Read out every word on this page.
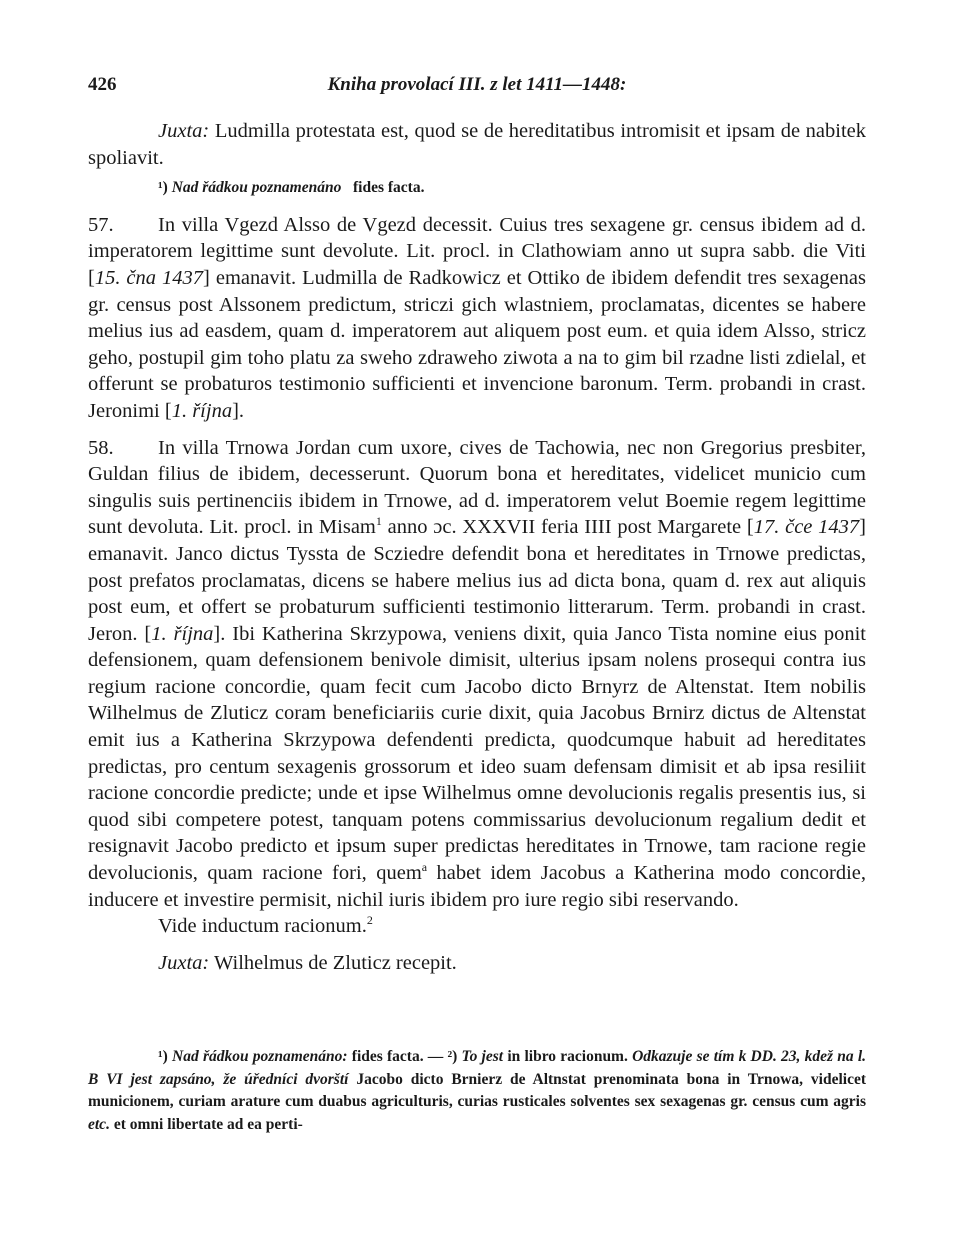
426	Kniha provolací III. z let 1411—1448:

Juxta: Ludmilla protestata est, quod se de hereditatibus intromisit et ipsam de nabitek spoliavit.

¹) Nad řádkou poznamenáno fides facta.

57. In villa Vgezd Alsso de Vgezd decessit. Cuius tres sexagene gr. census ibidem ad d. imperatorem legittime sunt devolute. Lit. procl. in Clathowiam anno ut supra sabb. die Viti [15. čna 1437] emanavit. Ludmilla de Radkowicz et Ottiko de ibidem defendit tres sexagenas gr. census post Alssonem predictum, striczi gich wlastniem, proclamatas, dicentes se habere melius ius ad easdem, quam d. imperatorem aut aliquem post eum. et quia idem Alsso, stricz geho, postupil gim toho platu za sweho zdraweho ziwota a na to gim bil rzadne listi zdielal, et offerunt se probaturos testimonio sufficienti et invencione baronum. Term. probandi in crast. Jeronimi [1. října].

58. In villa Trnowa Jordan cum uxore, cives de Tachowia, nec non Gregorius presbiter, Guldan filius de ibidem, decesserunt. Quorum bona et hereditates, videlicet municio cum singulis suis pertinenciis ibidem in Trnowe, ad d. imperatorem velut Boemie regem legittime sunt devoluta. Lit. procl. in Misam$^1$ anno ɔc. XXXVII feria IIII post Margarete [17. čce 1437] emanavit. Janco dictus Tyssta de Scziedre defendit bona et hereditates in Trnowe predictas, post prefatos proclamatas, dicens se habere melius ius ad dicta bona, quam d. rex aut aliquis post eum, et offert se probaturum sufficienti testimonio litterarum. Term. probandi in crast. Jeron. [1. října]. Ibi Katherina Skrzypowa, veniens dixit, quia Janco Tista nomine eius ponit defensionem, quam defensionem benivole dimisit, ulterius ipsam nolens prosequi contra ius regium racione concordie, quam fecit cum Jacobo dicto Brnyrz de Altenstat. Item nobilis Wilhelmus de Zluticz coram beneficiariis curie dixit, quia Jacobus Brnirz dictus de Altenstat emit ius a Katherina Skrzypowa defendenti predicta, quodcumque habuit ad hereditates predictas, pro centum sexagenis grossorum et ideo suam defensam dimisit et ab ipsa resiliit racione concordie predicte; unde et ipse Wilhelmus omne devolucionis regalis presentis ius, si quod sibi competere potest, tanquam potens commissarius devolucionum regalium dedit et resignavit Jacobo predicto et ipsum super predictas hereditates in Trnowe, tam racione regie devolucionis, quam racione fori, quem$^a$ habet idem Jacobus a Katherina modo concordie, inducere et investire permisit, nichil iuris ibidem pro iure regio sibi reservando.

Vide inductum racionum.$^2$

Juxta: Wilhelmus de Zluticz recepit.

¹) Nad řádkou poznamenáno: fides facta. — ²) To jest in libro racionum. Odkazuje se tím k DD. 23, kdež na l. B VI jest zapsáno, že úředníci dvorští Jacobo dicto Brnierz de Altnstat prenominata bona in Trnowa, videlicet municionem, curiam arature cum duabus agriculturis, curias rusticales solventes sex sexagenas gr. census cum agris etc. et omni libertate ad ea perti-
